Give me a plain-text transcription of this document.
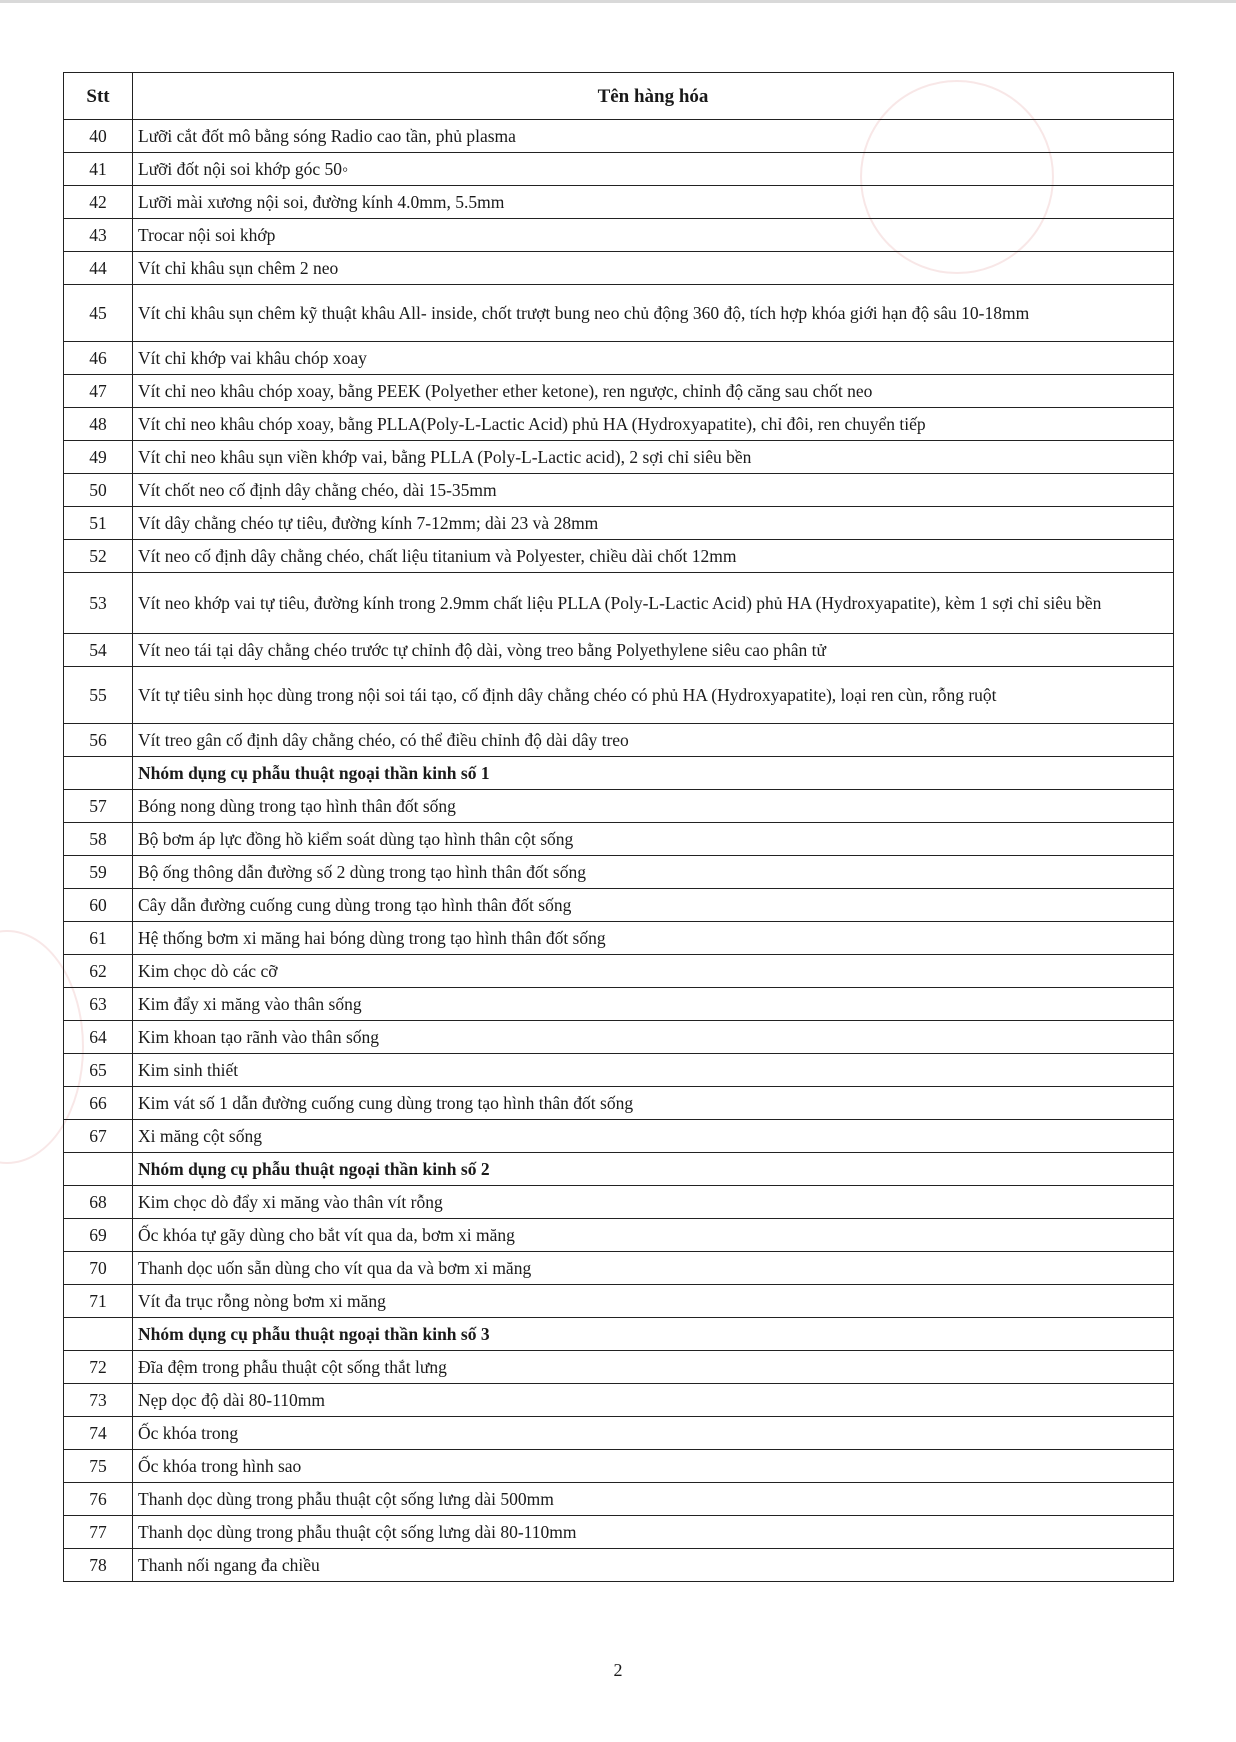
Stt	Tên hàng hóa
40	Lưỡi cắt đốt mô bằng sóng Radio cao tần, phủ plasma
41	Lưỡi đốt nội soi khớp góc 50◦
42	Lưỡi mài xương nội soi, đường kính 4.0mm, 5.5mm
43	Trocar nội soi khớp
44	Vít chỉ khâu sụn chêm 2 neo
45	Vít chỉ khâu sụn chêm kỹ thuật khâu All- inside, chốt trượt bung neo chủ động 360 độ, tích hợp khóa giới hạn độ sâu 10-18mm
46	Vít chỉ khớp vai khâu chóp xoay
47	Vít chỉ neo khâu chóp xoay, bằng PEEK (Polyether ether ketone), ren ngược, chỉnh độ căng sau chốt neo
48	Vít chỉ neo khâu chóp xoay, bằng PLLA(Poly-L-Lactic Acid) phủ HA (Hydroxyapatite), chỉ đôi, ren chuyển tiếp
49	Vít chỉ neo khâu sụn viền khớp vai, bằng PLLA (Poly-L-Lactic acid), 2 sợi chỉ siêu bền
50	Vít chốt neo cố định dây chằng chéo, dài 15-35mm
51	Vít dây chằng chéo tự tiêu, đường kính 7-12mm; dài 23 và 28mm
52	Vít neo cố định dây chằng chéo, chất liệu titanium và Polyester, chiều dài chốt 12mm
53	Vít neo khớp vai tự tiêu, đường kính trong 2.9mm chất liệu PLLA (Poly-L-Lactic Acid) phủ HA (Hydroxyapatite), kèm 1 sợi chỉ siêu bền
54	Vít neo tái tại dây chằng chéo trước tự chỉnh độ dài, vòng treo bằng Polyethylene siêu cao phân tử
55	Vít tự tiêu sinh học dùng trong nội soi tái tạo, cố định dây chằng chéo có phủ HA (Hydroxyapatite), loại ren cùn, rỗng ruột
56	Vít treo gân cố định dây chằng chéo, có thể điều chỉnh độ dài dây treo
	Nhóm dụng cụ phẫu thuật ngoại thần kinh số 1
57	Bóng nong dùng trong tạo hình thân đốt sống
58	Bộ bơm áp lực đồng hồ kiểm soát dùng tạo hình thân cột sống
59	Bộ ống thông dẫn đường số 2 dùng trong tạo hình thân đốt sống
60	Cây dẫn đường cuống cung dùng trong tạo hình thân đốt sống
61	Hệ thống bơm xi măng hai bóng dùng trong tạo hình thân đốt sống
62	Kim chọc dò các cỡ
63	Kim đẩy xi măng vào thân sống
64	Kim khoan tạo rãnh vào thân sống
65	Kim sinh thiết
66	Kim vát số 1 dẫn đường cuống cung dùng trong tạo hình thân đốt sống
67	Xi măng cột sống
	Nhóm dụng cụ phẫu thuật ngoại thần kinh số 2
68	Kim chọc dò đẩy xi măng vào thân vít rỗng
69	Ốc khóa tự gãy dùng cho bắt vít qua da, bơm xi măng
70	Thanh dọc uốn sẵn dùng cho vít qua da và bơm xi măng
71	Vít đa trục rỗng nòng bơm xi măng
	Nhóm dụng cụ phẫu thuật ngoại thần kinh số 3
72	Đĩa đệm trong phẫu thuật cột sống thắt lưng
73	Nẹp dọc độ dài 80-110mm
74	Ốc khóa trong
75	Ốc khóa trong hình sao
76	Thanh dọc dùng trong phẫu thuật cột sống lưng dài 500mm
77	Thanh dọc dùng trong phẫu thuật cột sống lưng dài 80-110mm
78	Thanh nối ngang đa chiều
2
